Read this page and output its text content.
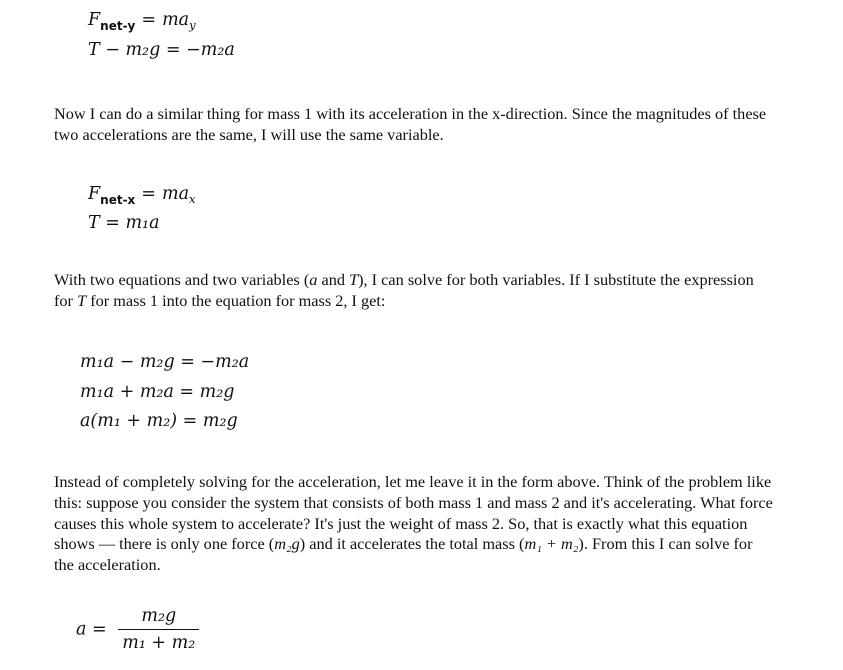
$F_{net-y} = ma_y$
T − m₂g = −m₂a

Now I can do a similar thing for mass 1 with its acceleration in the x-direction. Since the magnitudes of these two accelerations are the same, I will use the same variable.

$F_{net-x} = ma_x$
T = m₁a

With two equations and two variables (a and T), I can solve for both variables. If I substitute the expression for T for mass 1 into the equation for mass 2, I get:

m₁a − m₂g = −m₂a
m₁a + m₂a = m₂g
a(m₁ + m₂) = m₂g

Instead of completely solving for the acceleration, let me leave it in the form above. Think of the problem like this: suppose you consider the system that consists of both mass 1 and mass 2 and it's accelerating. What force causes this whole system to accelerate? It's just the weight of mass 2. So, that is exactly what this equation shows — there is only one force (m₂g) and it accelerates the total mass (m₁ + m₂). From this I can solve for the acceleration.

$a = \frac{\text{m₂g}}{\text{m₁ + m₂}}$
